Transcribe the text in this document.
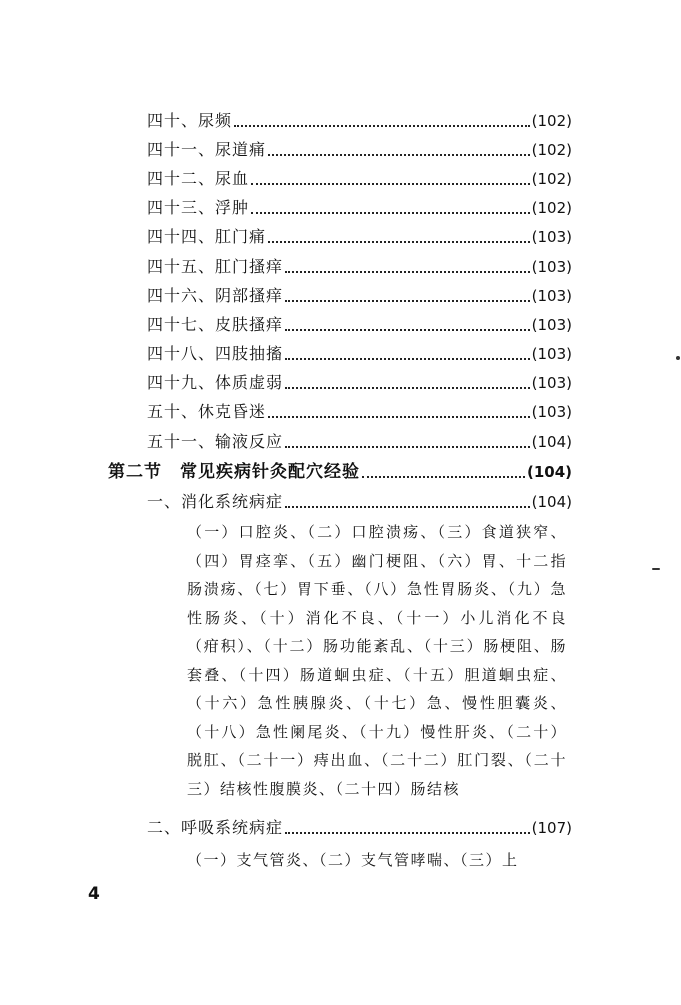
四十、尿频	(102)
四十一、尿道痛	(102)
四十二、尿血	(102)
四十三、浮肿	(102)
四十四、肛门痛	(103)
四十五、肛门搔痒	(103)
四十六、阴部搔痒	(103)
四十七、皮肤搔痒	(103)
四十八、四肢抽搐	(103)
四十九、体质虚弱	(103)
五十、休克昏迷	(103)
五十一、输液反应	(104)
第二节　常见疾病针灸配穴经验	(104)
一、消化系统病症	(104)
（一）口腔炎、（二）口腔溃疡、（三）食道狭窄、（四）胃痉挛、（五）幽门梗阻、（六）胃、十二指肠溃疡、（七）胃下垂、（八）急性胃肠炎、（九）急性肠炎、（十）消化不良、（十一）小儿消化不良（疳积）、（十二）肠功能紊乱、（十三）肠梗阻、肠套叠、（十四）肠道蛔虫症、（十五）胆道蛔虫症、（十六）急性胰腺炎、（十七）急、慢性胆囊炎、（十八）急性阑尾炎、（十九）慢性肝炎、（二十）脱肛、（二十一）痔出血、（二十二）肛门裂、（二十三）结核性腹膜炎、（二十四）肠结核
二、呼吸系统病症	(107)
（一）支气管炎、（二）支气管哮喘、（三）上
4
